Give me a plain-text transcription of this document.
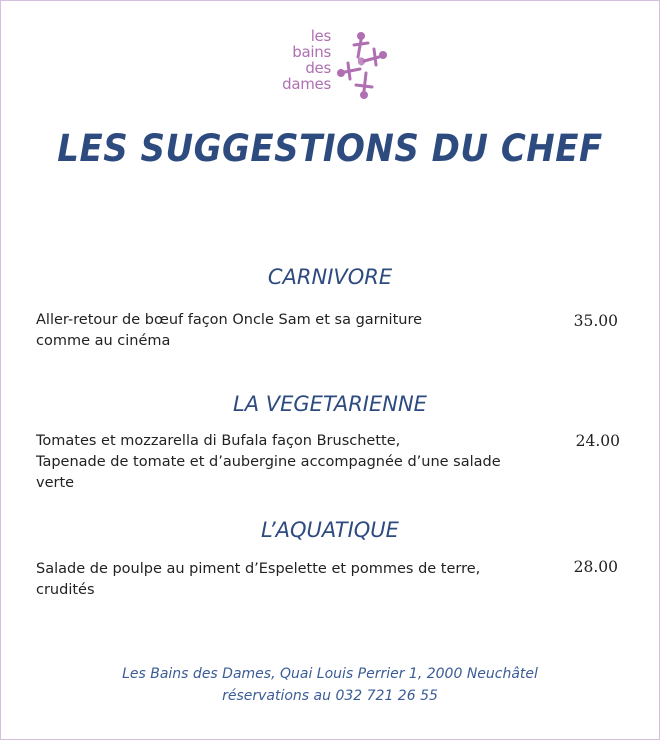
les
bains
des
dames
LES SUGGESTIONS DU CHEF
CARNIVORE
Aller-retour de bœuf façon Oncle Sam et sa garniture
comme au cinéma
35.00
LA VEGETARIENNE
Tomates et mozzarella di Bufala façon Bruschette,
Tapenade de tomate et d’aubergine accompagnée d’une salade
verte
24.00
L’AQUATIQUE
Salade de poulpe au piment d’Espelette et pommes de terre,
crudités
28.00
Les Bains des Dames, Quai Louis Perrier 1, 2000 Neuchâtel
réservations au 032 721 26 55
